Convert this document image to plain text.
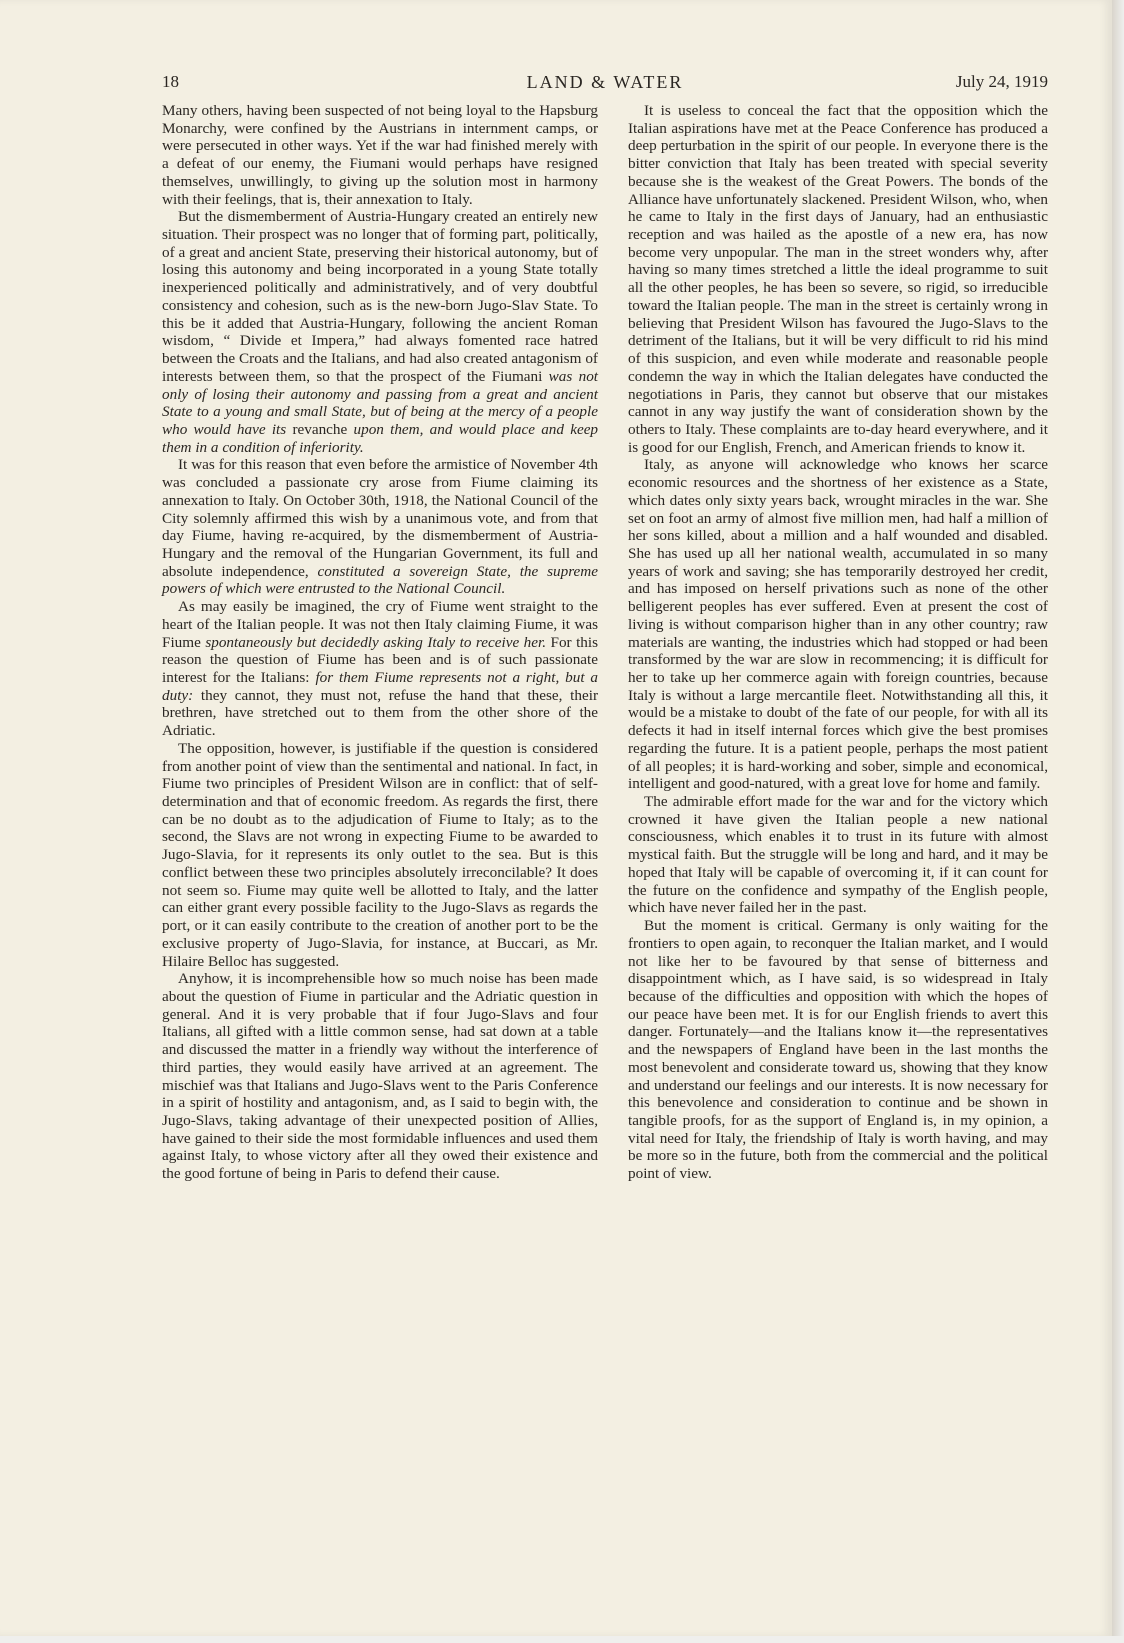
18	LAND & WATER	July 24, 1919

Many others, having been suspected of not being loyal to the Hapsburg Monarchy, were confined by the Austrians in internment camps, or were persecuted in other ways. Yet if the war had finished merely with a defeat of our enemy, the Fiumani would perhaps have resigned themselves, unwillingly, to giving up the solution most in harmony with their feelings, that is, their annexation to Italy.

But the dismemberment of Austria-Hungary created an entirely new situation. Their prospect was no longer that of forming part, politically, of a great and ancient State, preserving their historical autonomy, but of losing this autonomy and being incorporated in a young State totally inexperienced politically and administratively, and of very doubtful consistency and cohesion, such as is the new-born Jugo-Slav State. To this be it added that Austria-Hungary, following the ancient Roman wisdom, “ Divide et Impera,” had always fomented race hatred between the Croats and the Italians, and had also created antagonism of interests between them, so that the prospect of the Fiumani was not only of losing their autonomy and passing from a great and ancient State to a young and small State, but of being at the mercy of a people who would have its revanche upon them, and would place and keep them in a condition of inferiority.

It was for this reason that even before the armistice of November 4th was concluded a passionate cry arose from Fiume claiming its annexation to Italy. On October 30th, 1918, the National Council of the City solemnly affirmed this wish by a unanimous vote, and from that day Fiume, having re-acquired, by the dismemberment of Austria-Hungary and the removal of the Hungarian Government, its full and absolute independence, constituted a sovereign State, the supreme powers of which were entrusted to the National Council.

As may easily be imagined, the cry of Fiume went straight to the heart of the Italian people. It was not then Italy claiming Fiume, it was Fiume spontaneously but decidedly asking Italy to receive her. For this reason the question of Fiume has been and is of such passionate interest for the Italians: for them Fiume represents not a right, but a duty: they cannot, they must not, refuse the hand that these, their brethren, have stretched out to them from the other shore of the Adriatic.

The opposition, however, is justifiable if the question is considered from another point of view than the sentimental and national. In fact, in Fiume two principles of President Wilson are in conflict: that of self-determination and that of economic freedom. As regards the first, there can be no doubt as to the adjudication of Fiume to Italy; as to the second, the Slavs are not wrong in expecting Fiume to be awarded to Jugo-Slavia, for it represents its only outlet to the sea. But is this conflict between these two principles absolutely irreconcilable? It does not seem so. Fiume may quite well be allotted to Italy, and the latter can either grant every possible facility to the Jugo-Slavs as regards the port, or it can easily contribute to the creation of another port to be the exclusive property of Jugo-Slavia, for instance, at Buccari, as Mr. Hilaire Belloc has suggested.

Anyhow, it is incomprehensible how so much noise has been made about the question of Fiume in particular and the Adriatic question in general. And it is very probable that if four Jugo-Slavs and four Italians, all gifted with a little common sense, had sat down at a table and discussed the matter in a friendly way without the interference of third parties, they would easily have arrived at an agreement. The mischief was that Italians and Jugo-Slavs went to the Paris Conference in a spirit of hostility and antagonism, and, as I said to begin with, the Jugo-Slavs, taking advantage of their unexpected position of Allies, have gained to their side the most formidable influences and used them against Italy, to whose victory after all they owed their existence and the good fortune of being in Paris to defend their cause.

It is useless to conceal the fact that the opposition which the Italian aspirations have met at the Peace Conference has produced a deep perturbation in the spirit of our people. In everyone there is the bitter conviction that Italy has been treated with special severity because she is the weakest of the Great Powers. The bonds of the Alliance have unfortunately slackened. President Wilson, who, when he came to Italy in the first days of January, had an enthusiastic reception and was hailed as the apostle of a new era, has now become very unpopular. The man in the street wonders why, after having so many times stretched a little the ideal programme to suit all the other peoples, he has been so severe, so rigid, so irreducible toward the Italian people. The man in the street is certainly wrong in believing that President Wilson has favoured the Jugo-Slavs to the detriment of the Italians, but it will be very difficult to rid his mind of this suspicion, and even while moderate and reasonable people condemn the way in which the Italian delegates have conducted the negotiations in Paris, they cannot but observe that our mistakes cannot in any way justify the want of consideration shown by the others to Italy. These complaints are to-day heard everywhere, and it is good for our English, French, and American friends to know it.

Italy, as anyone will acknowledge who knows her scarce economic resources and the shortness of her existence as a State, which dates only sixty years back, wrought miracles in the war. She set on foot an army of almost five million men, had half a million of her sons killed, about a million and a half wounded and disabled. She has used up all her national wealth, accumulated in so many years of work and saving; she has temporarily destroyed her credit, and has imposed on herself privations such as none of the other belligerent peoples has ever suffered. Even at present the cost of living is without comparison higher than in any other country; raw materials are wanting, the industries which had stopped or had been transformed by the war are slow in recommencing; it is difficult for her to take up her commerce again with foreign countries, because Italy is without a large mercantile fleet. Notwithstanding all this, it would be a mistake to doubt of the fate of our people, for with all its defects it had in itself internal forces which give the best promises regarding the future. It is a patient people, perhaps the most patient of all peoples; it is hard-working and sober, simple and economical, intelligent and good-natured, with a great love for home and family.

The admirable effort made for the war and for the victory which crowned it have given the Italian people a new national consciousness, which enables it to trust in its future with almost mystical faith. But the struggle will be long and hard, and it may be hoped that Italy will be capable of overcoming it, if it can count for the future on the confidence and sympathy of the English people, which have never failed her in the past.

But the moment is critical. Germany is only waiting for the frontiers to open again, to reconquer the Italian market, and I would not like her to be favoured by that sense of bitterness and disappointment which, as I have said, is so widespread in Italy because of the difficulties and opposition with which the hopes of our peace have been met. It is for our English friends to avert this danger. Fortunately—and the Italians know it—the representatives and the newspapers of England have been in the last months the most benevolent and considerate toward us, showing that they know and understand our feelings and our interests. It is now necessary for this benevolence and consideration to continue and be shown in tangible proofs, for as the support of England is, in my opinion, a vital need for Italy, the friendship of Italy is worth having, and may be more so in the future, both from the commercial and the political point of view.
